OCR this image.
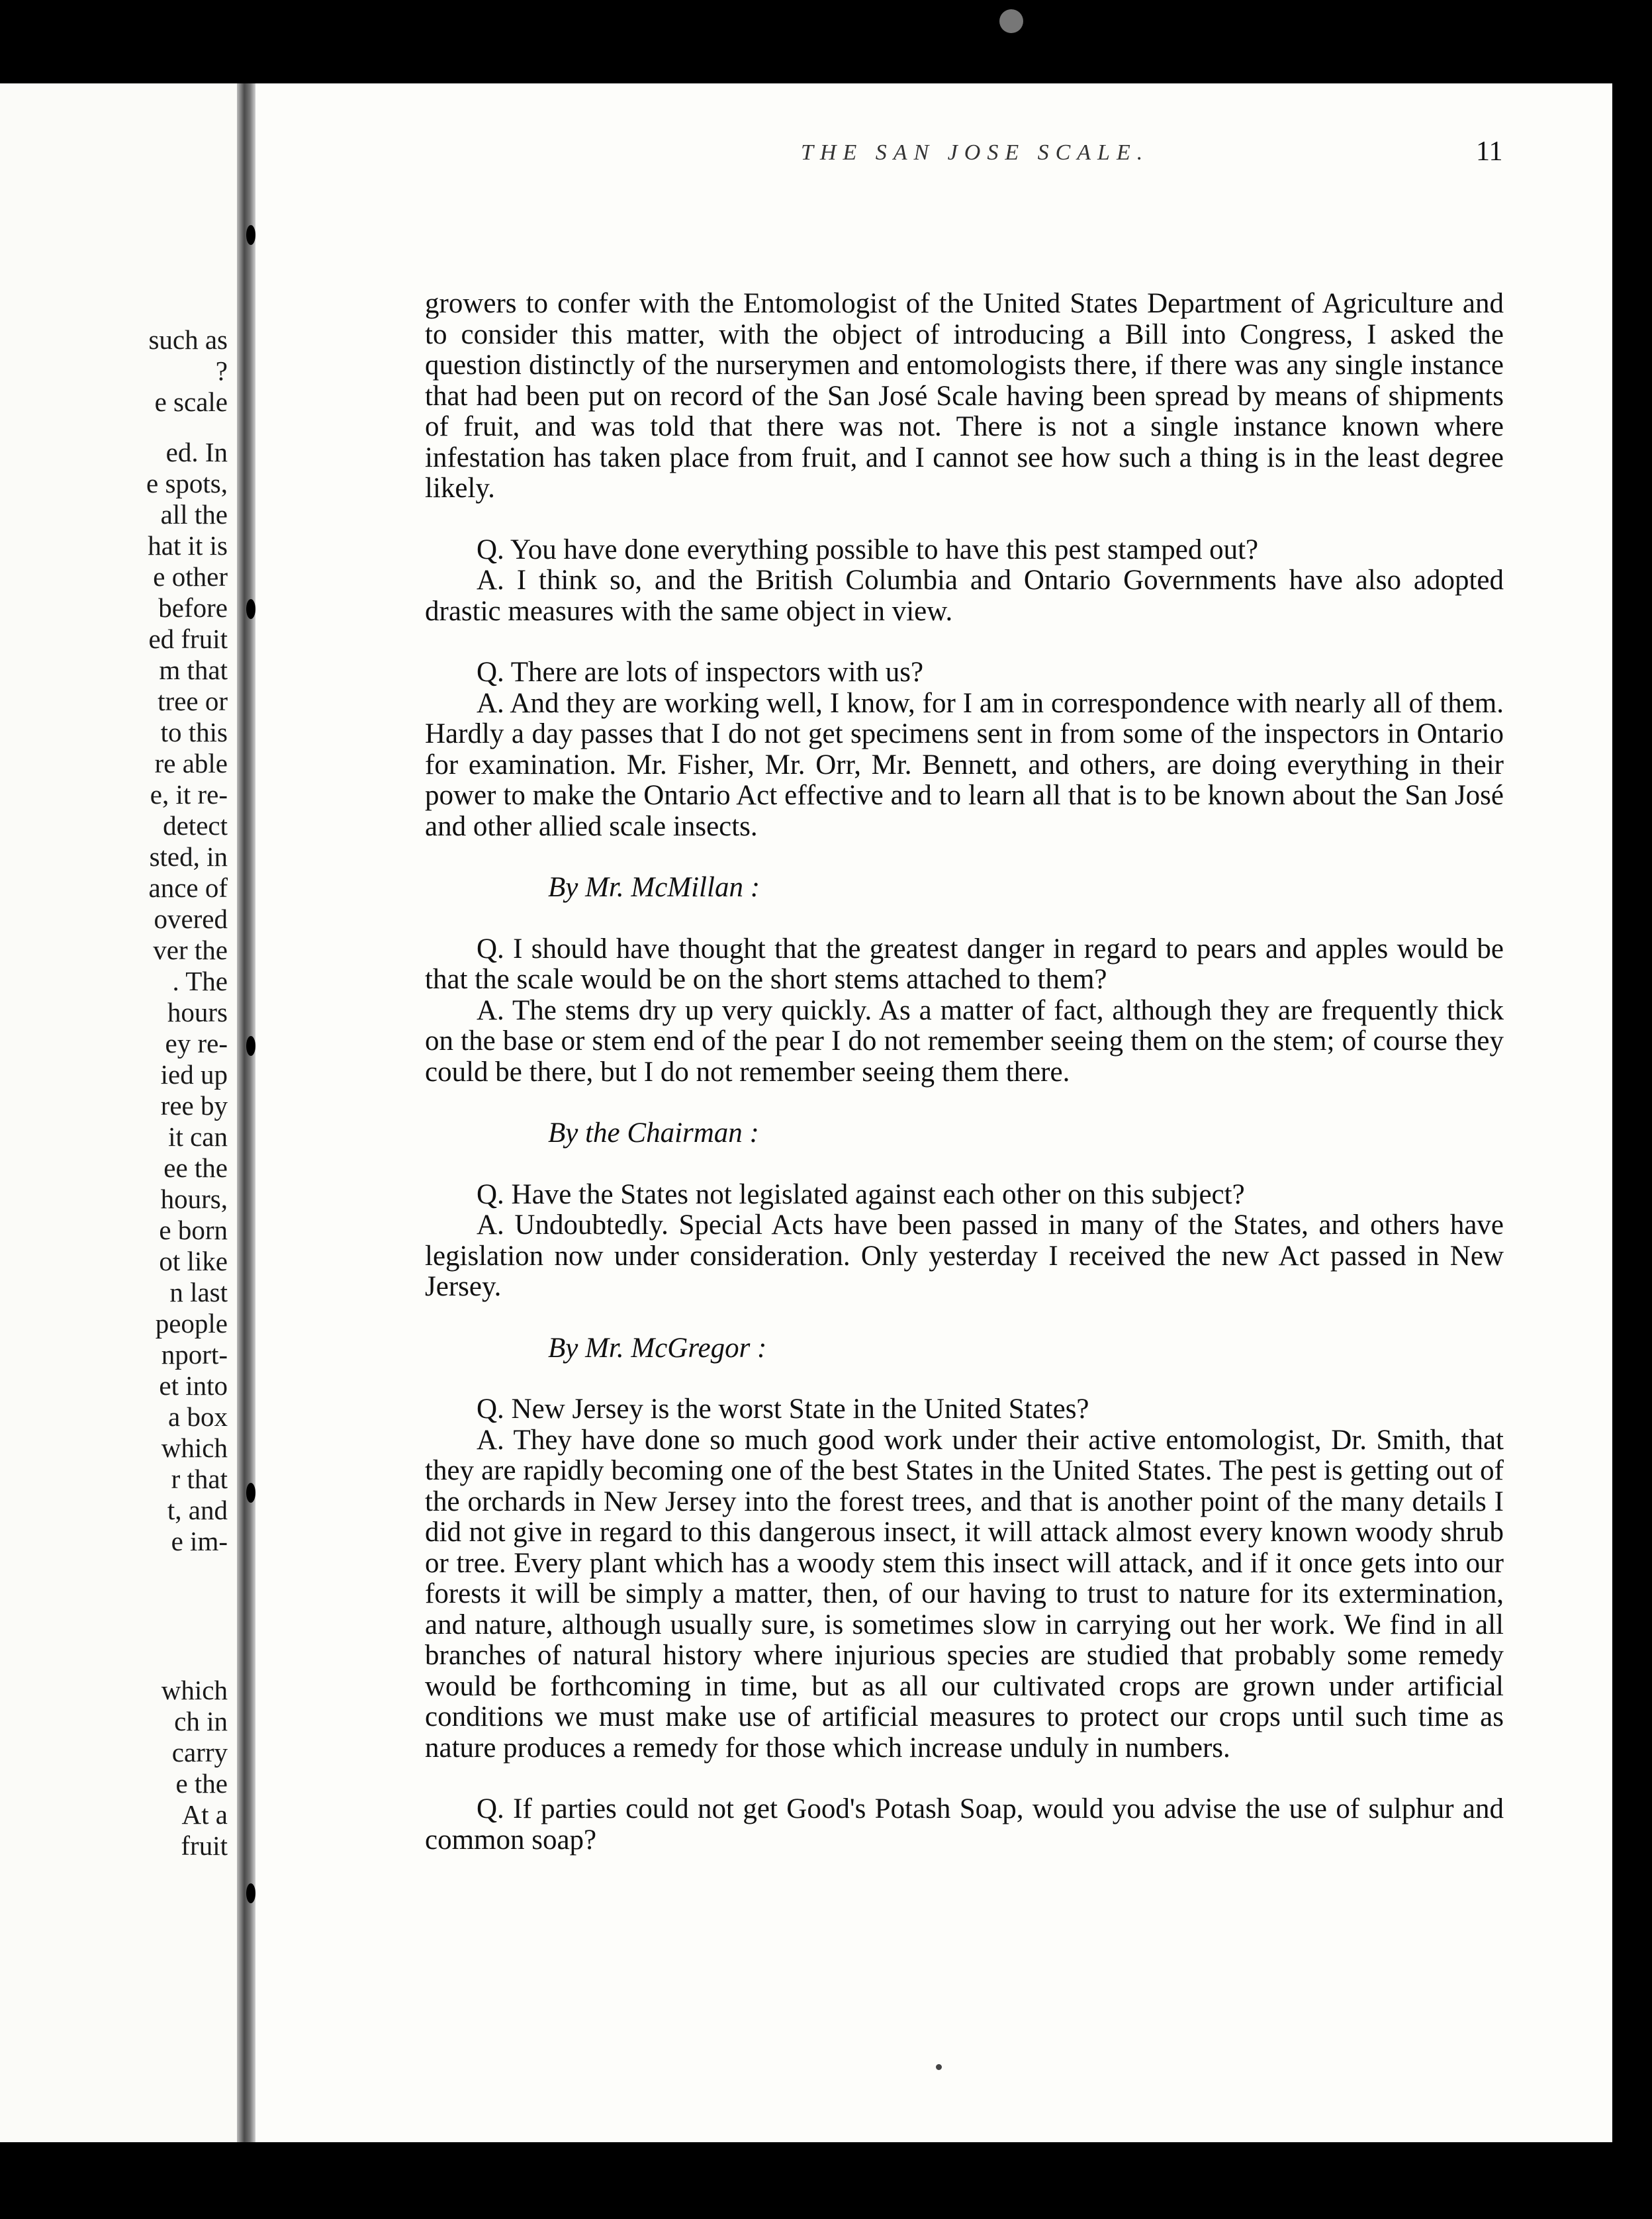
such as
?
e scale
ed. In
e spots,
all the
hat it is
e other
before
ed fruit
m that
tree or
to this
re able
e, it re-
detect
sted, in
ance of
overed
ver the
. The
hours
ey re-
ied up
ree by
it can
ee the
hours,
e born
ot like
n last
people
nport-
et into
a box
which
r that
t, and
e im-
which
ch in
carry
e the
At a
fruit
THE SAN JOSE SCALE.	11

growers to confer with the Entomologist of the United States Department of Agriculture and to consider this matter, with the object of introducing a Bill into Congress, I asked the question distinctly of the nurserymen and entomologists there, if there was any single instance that had been put on record of the San José Scale having been spread by means of shipments of fruit, and was told that there was not. There is not a single instance known where infestation has taken place from fruit, and I cannot see how such a thing is in the least degree likely.

Q. You have done everything possible to have this pest stamped out?

A. I think so, and the British Columbia and Ontario Governments have also adopted drastic measures with the same object in view.

Q. There are lots of inspectors with us?

A. And they are working well, I know, for I am in correspondence with nearly all of them. Hardly a day passes that I do not get specimens sent in from some of the inspectors in Ontario for examination. Mr. Fisher, Mr. Orr, Mr. Bennett, and others, are doing everything in their power to make the Ontario Act effective and to learn all that is to be known about the San José and other allied scale insects.

By Mr. McMillan :

Q. I should have thought that the greatest danger in regard to pears and apples would be that the scale would be on the short stems attached to them?

A. The stems dry up very quickly. As a matter of fact, although they are frequently thick on the base or stem end of the pear I do not remember seeing them on the stem; of course they could be there, but I do not remember seeing them there.

By the Chairman :

Q. Have the States not legislated against each other on this subject?

A. Undoubtedly. Special Acts have been passed in many of the States, and others have legislation now under consideration. Only yesterday I received the new Act passed in New Jersey.

By Mr. McGregor :

Q. New Jersey is the worst State in the United States?

A. They have done so much good work under their active entomologist, Dr. Smith, that they are rapidly becoming one of the best States in the United States. The pest is getting out of the orchards in New Jersey into the forest trees, and that is another point of the many details I did not give in regard to this dangerous insect, it will attack almost every known woody shrub or tree. Every plant which has a woody stem this insect will attack, and if it once gets into our forests it will be simply a matter, then, of our having to trust to nature for its extermination, and nature, although usually sure, is sometimes slow in carrying out her work. We find in all branches of natural history where injurious species are studied that probably some remedy would be forthcoming in time, but as all our cultivated crops are grown under artificial conditions we must make use of artificial measures to protect our crops until such time as nature produces a remedy for those which increase unduly in numbers.

Q. If parties could not get Good's Potash Soap, would you advise the use of sulphur and common soap?
